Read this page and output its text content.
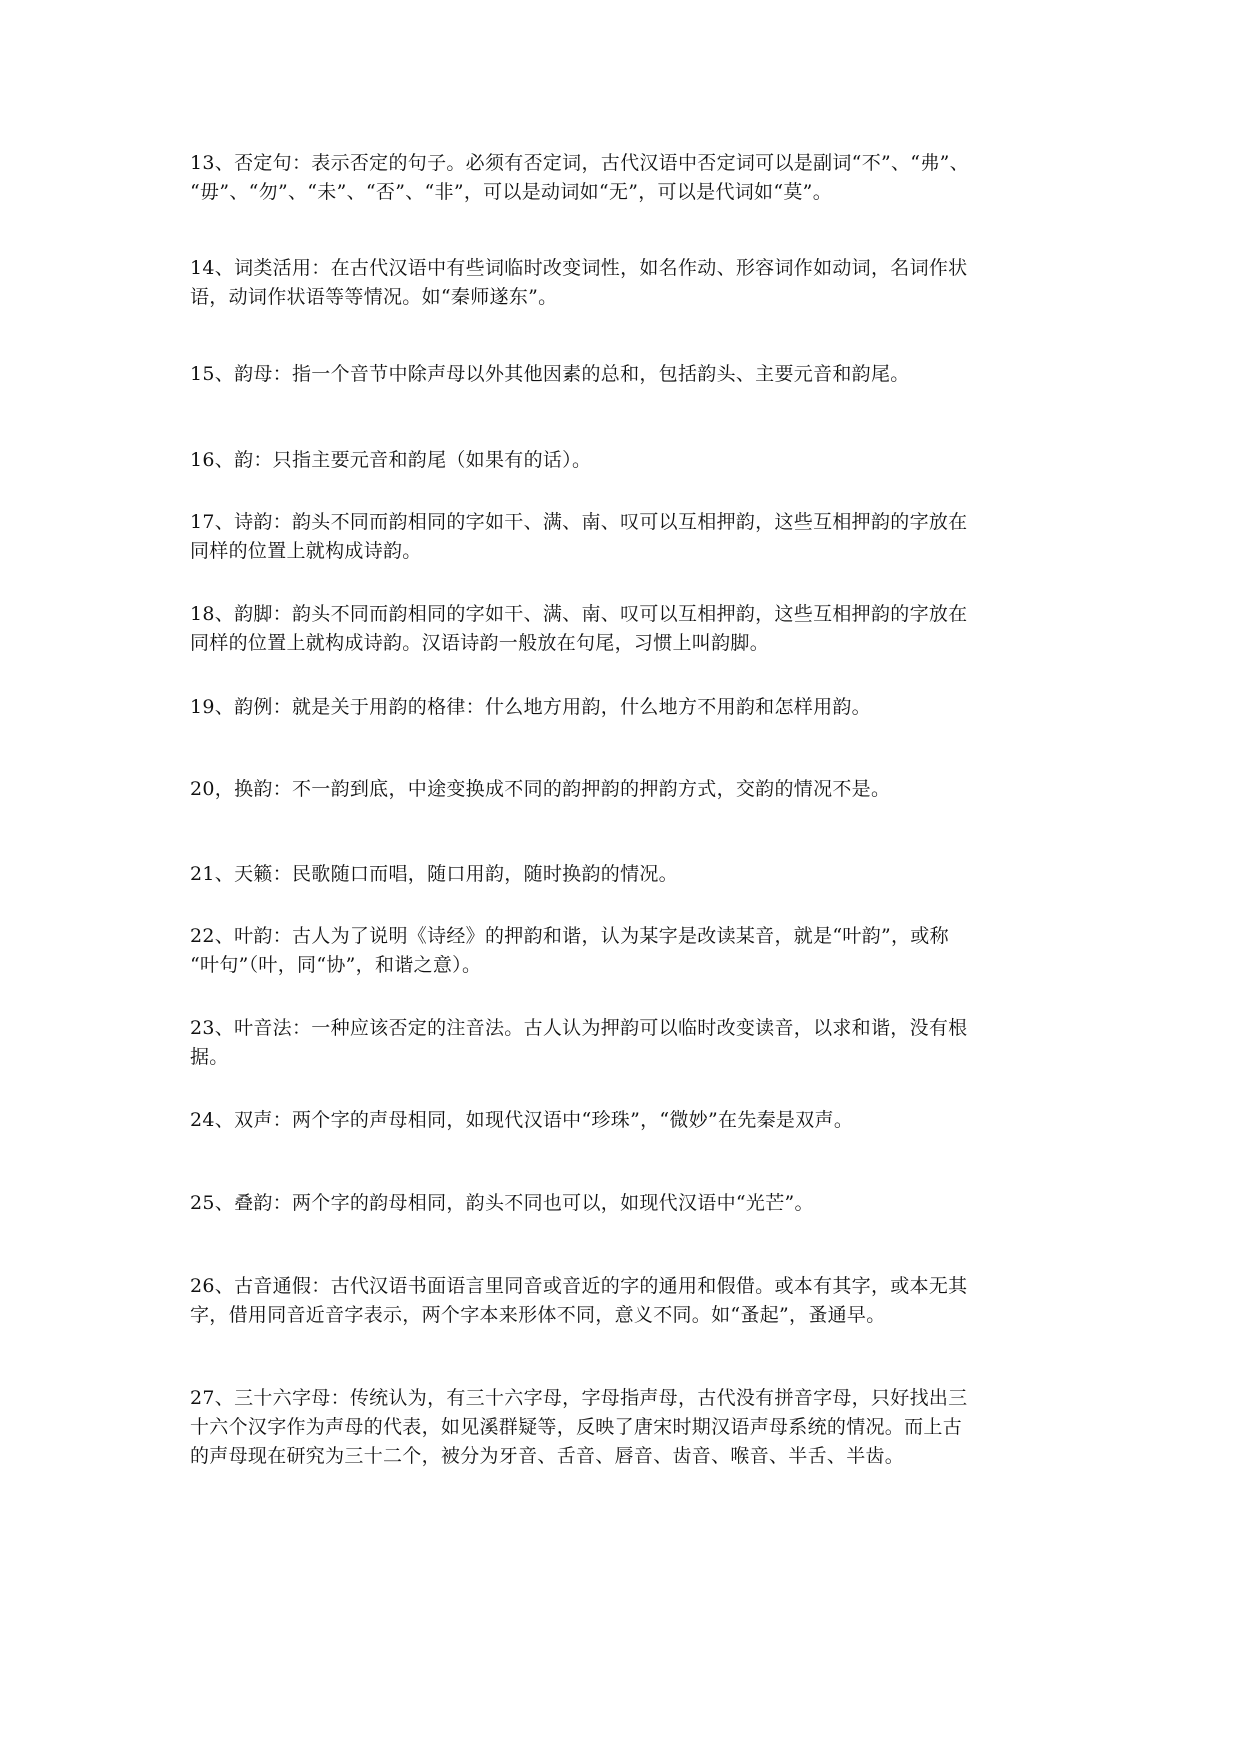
13、否定句：表示否定的句子。必须有否定词，古代汉语中否定词可以是副词“不”、“弗”、
“毋”、“勿”、“未”、“否”、“非”，可以是动词如“无”，可以是代词如“莫”。

14、词类活用：在古代汉语中有些词临时改变词性，如名作动、形容词作如动词，名词作状
语，动词作状语等等情况。如“秦师遂东”。

15、韵母：指一个音节中除声母以外其他因素的总和，包括韵头、主要元音和韵尾。

16、韵：只指主要元音和韵尾（如果有的话）。

17、诗韵：韵头不同而韵相同的字如干、满、南、叹可以互相押韵，这些互相押韵的字放在
同样的位置上就构成诗韵。

18、韵脚：韵头不同而韵相同的字如干、满、南、叹可以互相押韵，这些互相押韵的字放在
同样的位置上就构成诗韵。汉语诗韵一般放在句尾，习惯上叫韵脚。

19、韵例：就是关于用韵的格律：什么地方用韵，什么地方不用韵和怎样用韵。

20，换韵：不一韵到底，中途变换成不同的韵押韵的押韵方式，交韵的情况不是。

21、天籁：民歌随口而唱，随口用韵，随时换韵的情况。

22、叶韵：古人为了说明《诗经》的押韵和谐，认为某字是改读某音，就是“叶韵”，或称
“叶句”（叶，同“协”，和谐之意）。

23、叶音法：一种应该否定的注音法。古人认为押韵可以临时改变读音，以求和谐，没有根
据。

24、双声：两个字的声母相同，如现代汉语中“珍珠”，“微妙”在先秦是双声。

25、叠韵：两个字的韵母相同，韵头不同也可以，如现代汉语中“光芒”。

26、古音通假：古代汉语书面语言里同音或音近的字的通用和假借。或本有其字，或本无其
字，借用同音近音字表示，两个字本来形体不同，意义不同。如“蚤起”，蚤通早。

27、三十六字母：传统认为，有三十六字母，字母指声母，古代没有拼音字母，只好找出三
十六个汉字作为声母的代表，如见溪群疑等，反映了唐宋时期汉语声母系统的情况。而上古
的声母现在研究为三十二个，被分为牙音、舌音、唇音、齿音、喉音、半舌、半齿。
